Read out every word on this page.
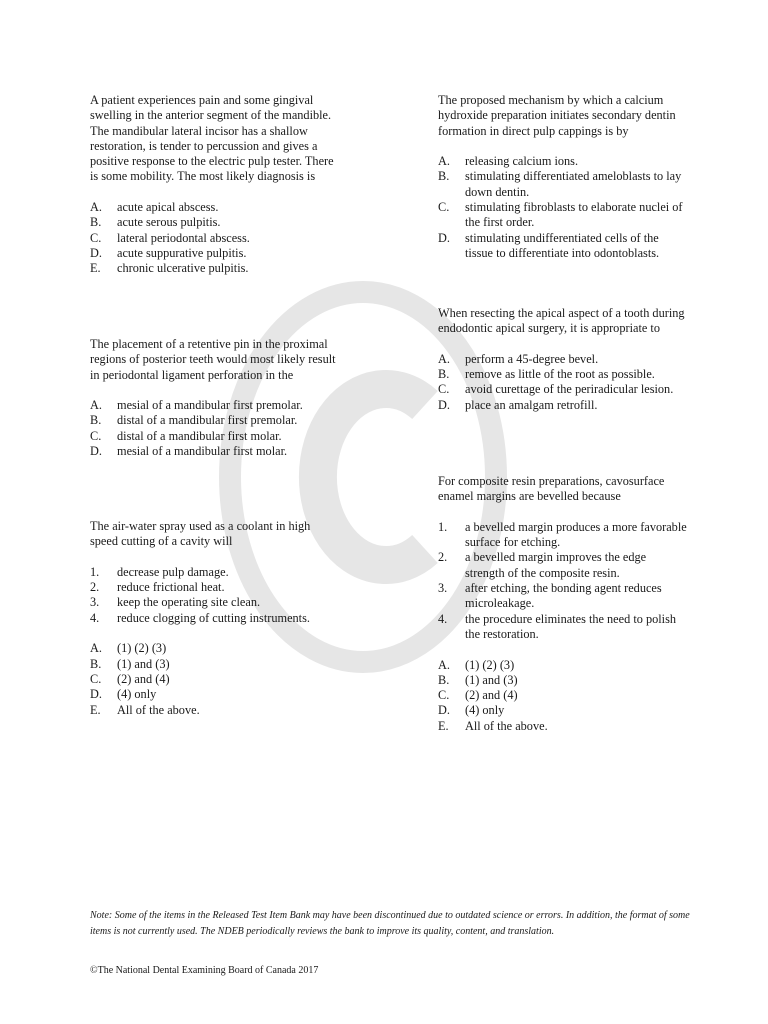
A patient experiences pain and some gingival swelling in the anterior segment of the mandible. The mandibular lateral incisor has a shallow restoration, is tender to percussion and gives a positive response to the electric pulp tester. There is some mobility. The most likely diagnosis is

A.	acute apical abscess.
B.	acute serous pulpitis.
C.	lateral periodontal abscess.
D.	acute suppurative pulpitis.
E.	chronic ulcerative pulpitis.

The placement of a retentive pin in the proximal regions of posterior teeth would most likely result in periodontal ligament perforation in the

A.	mesial of a mandibular first premolar.
B.	distal of a mandibular first premolar.
C.	distal of a mandibular first molar.
D.	mesial of a mandibular first molar.

The air-water spray used as a coolant in high speed cutting of a cavity will

1.	decrease pulp damage.
2.	reduce frictional heat.
3.	keep the operating site clean.
4.	reduce clogging of cutting instruments.
A.	(1) (2) (3)
B.	(1) and (3)
C.	(2) and (4)
D.	(4) only
E.	All of the above.

The proposed mechanism by which a calcium hydroxide preparation initiates secondary dentin formation in direct pulp cappings is by

A.	releasing calcium ions.
B.	stimulating differentiated ameloblasts to lay down dentin.
C.	stimulating fibroblasts to elaborate nuclei of the first order.
D.	stimulating undifferentiated cells of the tissue to differentiate into odontoblasts.

When resecting the apical aspect of a tooth during endodontic apical surgery, it is appropriate to

A.	perform a 45-degree bevel.
B.	remove as little of the root as possible.
C.	avoid curettage of the periradicular lesion.
D.	place an amalgam retrofill.

For composite resin preparations, cavosurface enamel margins are bevelled because

1.	a bevelled margin produces a more favorable surface for etching.
2.	a bevelled margin improves the edge strength of the composite resin.
3.	after etching, the bonding agent reduces microleakage.
4.	the procedure eliminates the need to polish the restoration.
A.	(1) (2) (3)
B.	(1) and (3)
C.	(2) and (4)
D.	(4) only
E.	All of the above.
Note: Some of the items in the Released Test Item Bank may have been discontinued due to outdated science or errors. In addition, the format of some items is not currently used. The NDEB periodically reviews the bank to improve its quality, content, and translation.
©The National Dental Examining Board of Canada 2017
